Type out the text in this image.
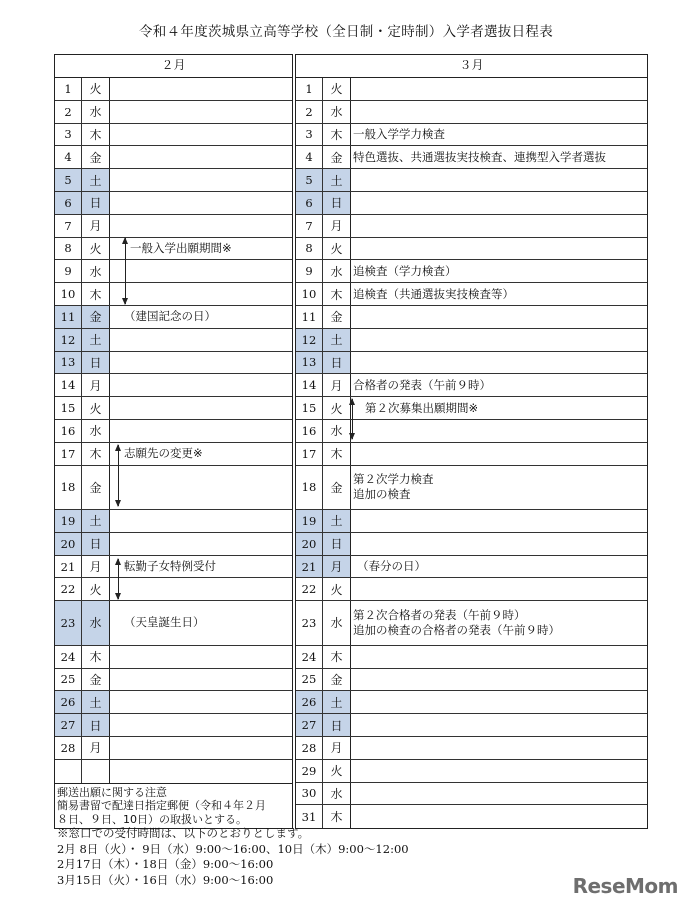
令和４年度茨城県立高等学校（全日制・定時制）入学者選抜日程表
２月
1	火
2	水
3	木
4	金
5	土
6	日
7	月
8	火	一般入学出願期間※
9	水
10	木
11	金	（建国記念の日）
12	土
13	日
14	月
15	火
16	水
17	木	志願先の変更※
18	金
19	土
20	日
21	月	転勤子女特例受付
22	火
23	水	（天皇誕生日）
24	木
25	金
26	土
27	日
28	月
郵送出願に関する注意
簡易書留で配達日指定郵便（令和４年２月
８日、９日、10日）の取扱いとする。
３月
1	火
2	水
3	木 一般入学学力検査
4	金 特色選抜、共通選抜実技検査、連携型入学者選抜
5	土
6	日
7	月
8	火
9	水 追検査（学力検査）
10	木 追検査（共通選抜実技検査等）
11	金
12	土
13	日
14	月 合格者の発表（午前９時）
15	火	第２次募集出願期間※
16	水
17	木
18	金
第２次学力検査
追加の検査
19	土
20	日
21	月	（春分の日）
22	火
23	水
第２次合格者の発表（午前９時）
追加の検査の合格者の発表（午前９時）
24	木
25	金
26	土
27	日
28	月
29	火
30	水
31	木
※窓口での受付時間は、以下のとおりとします。
2月 8日（火）・ 9日（水）9:00～16:00、10日（木）9:00～12:00
2月17日（木）・18日（金）9:00～16:00
3月15日（火）・16日（水）9:00～16:00	ReseMom
